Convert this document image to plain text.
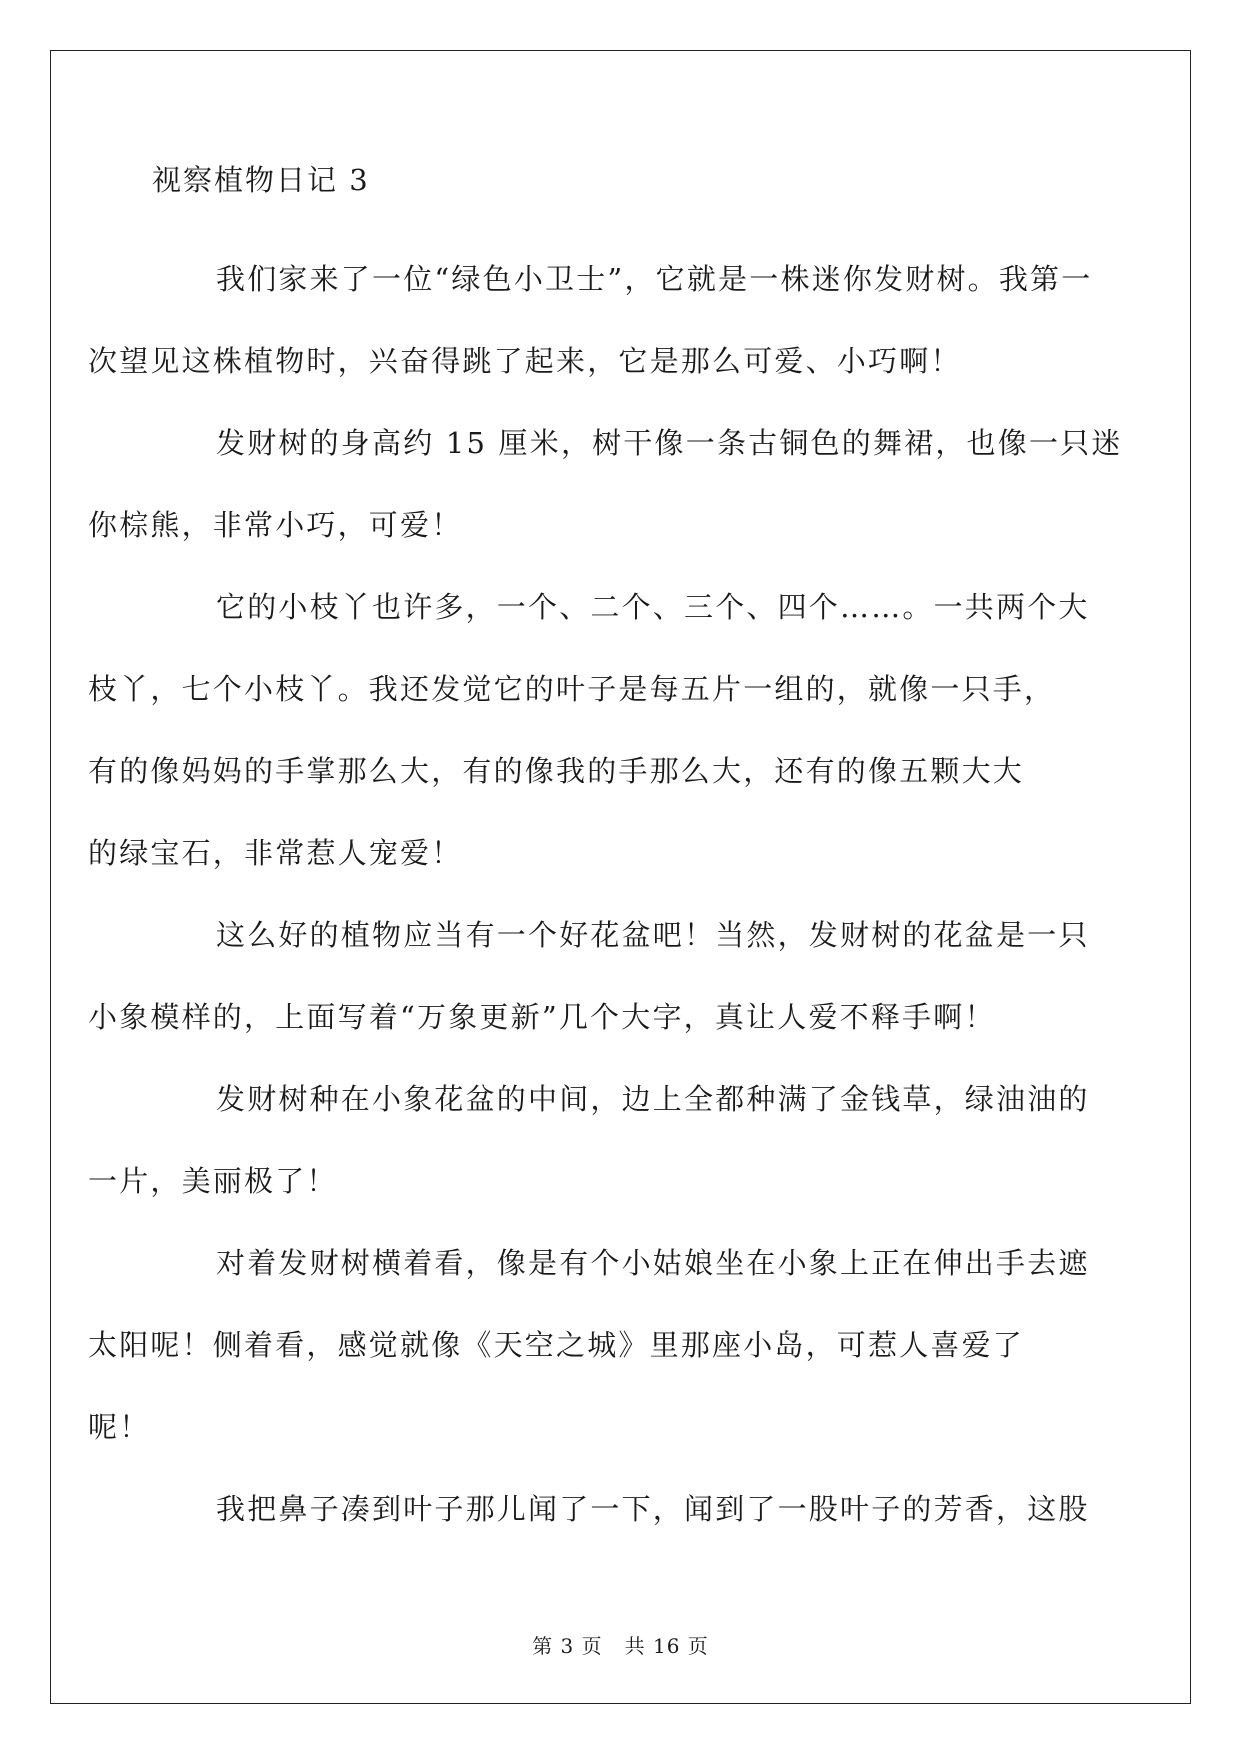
视察植物日记 3

我们家来了一位“绿色小卫士”，它就是一株迷你发财树。我第一
次望见这株植物时，兴奋得跳了起来，它是那么可爱、小巧啊！

发财树的身高约 15 厘米，树干像一条古铜色的舞裙，也像一只迷
你棕熊，非常小巧，可爱！

它的小枝丫也许多，一个、二个、三个、四个……。一共两个大
枝丫，七个小枝丫。我还发觉它的叶子是每五片一组的，就像一只手，
有的像妈妈的手掌那么大，有的像我的手那么大，还有的像五颗大大
的绿宝石，非常惹人宠爱！

这么好的植物应当有一个好花盆吧！当然，发财树的花盆是一只
小象模样的，上面写着“万象更新”几个大字，真让人爱不释手啊！

发财树种在小象花盆的中间，边上全都种满了金钱草，绿油油的
一片，美丽极了！

对着发财树横着看，像是有个小姑娘坐在小象上正在伸出手去遮
太阳呢！侧着看，感觉就像《天空之城》里那座小岛，可惹人喜爱了
呢！

我把鼻子凑到叶子那儿闻了一下，闻到了一股叶子的芳香，这股

第 3 页 共 16 页
